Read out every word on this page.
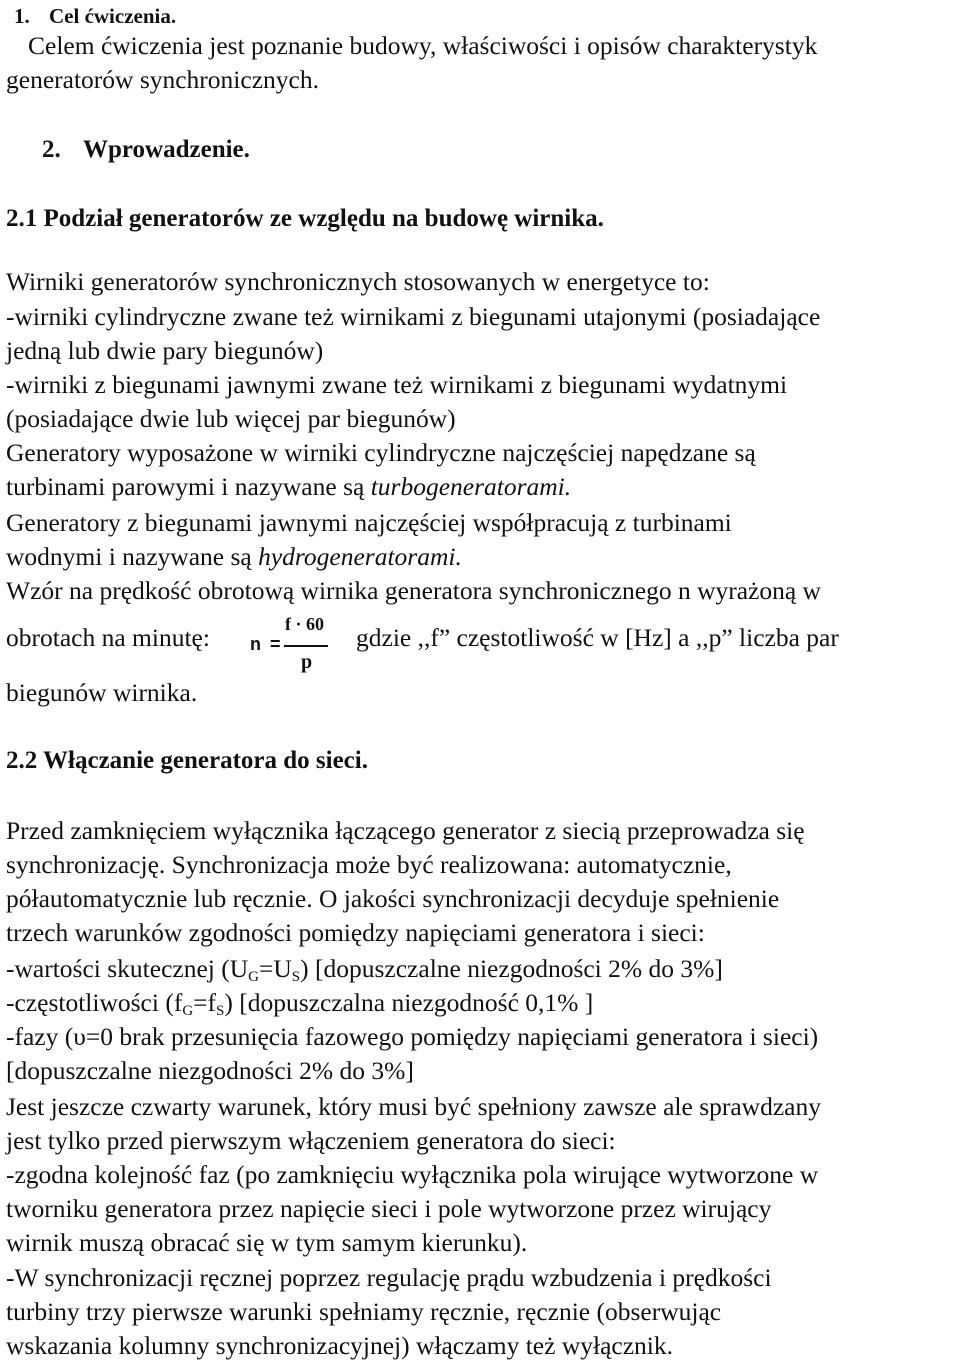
1. Cel ćwiczenia.
Celem ćwiczenia jest poznanie budowy, właściwości i opisów charakterystyk
generatorów synchronicznych.
2. Wprowadzenie.
2.1 Podział generatorów ze względu na budowę wirnika.
Wirniki generatorów synchronicznych stosowanych w energetyce to:
-wirniki cylindryczne zwane też wirnikami z biegunami utajonymi (posiadające
jedną lub dwie pary biegunów)
-wirniki z biegunami jawnymi zwane też wirnikami z biegunami wydatnymi
(posiadające dwie lub więcej par biegunów)
Generatory wyposażone w wirniki cylindryczne najczęściej napędzane są
turbinami parowymi i nazywane są turbogeneratorami.
Generatory z biegunami jawnymi najczęściej współpracują z turbinami
wodnymi i nazywane są hydrogeneratorami.
Wzór na prędkość obrotową wirnika generatora synchronicznego n wyrażoną w
obrotach na minutę: n =
f · 60
p
gdzie ,,f” częstotliwość w [Hz] a ,,p” liczba par
biegunów wirnika.
2.2 Włączanie generatora do sieci.
Przed zamknięciem wyłącznika łączącego generator z siecią przeprowadza się
synchronizację. Synchronizacja może być realizowana: automatycznie,
półautomatycznie lub ręcznie. O jakości synchronizacji decyduje spełnienie
trzech warunków zgodności pomiędzy napięciami generatora i sieci:
-wartości skutecznej $(U_G=U_S)$ [dopuszczalne niezgodności 2% do 3%]
-częstotliwości $(f_G=f_S)$ [dopuszczalna niezgodność 0,1% ]
-fazy (υ=0 brak przesunięcia fazowego pomiędzy napięciami generatora i sieci)
[dopuszczalne niezgodności 2% do 3%]
Jest jeszcze czwarty warunek, który musi być spełniony zawsze ale sprawdzany
jest tylko przed pierwszym włączeniem generatora do sieci:
-zgodna kolejność faz (po zamknięciu wyłącznika pola wirujące wytworzone w
tworniku generatora przez napięcie sieci i pole wytworzone przez wirujący
wirnik muszą obracać się w tym samym kierunku).
-W synchronizacji ręcznej poprzez regulację prądu wzbudzenia i prędkości
turbiny trzy pierwsze warunki spełniamy ręcznie, ręcznie (obserwując
wskazania kolumny synchronizacyjnej) włączamy też wyłącznik.
